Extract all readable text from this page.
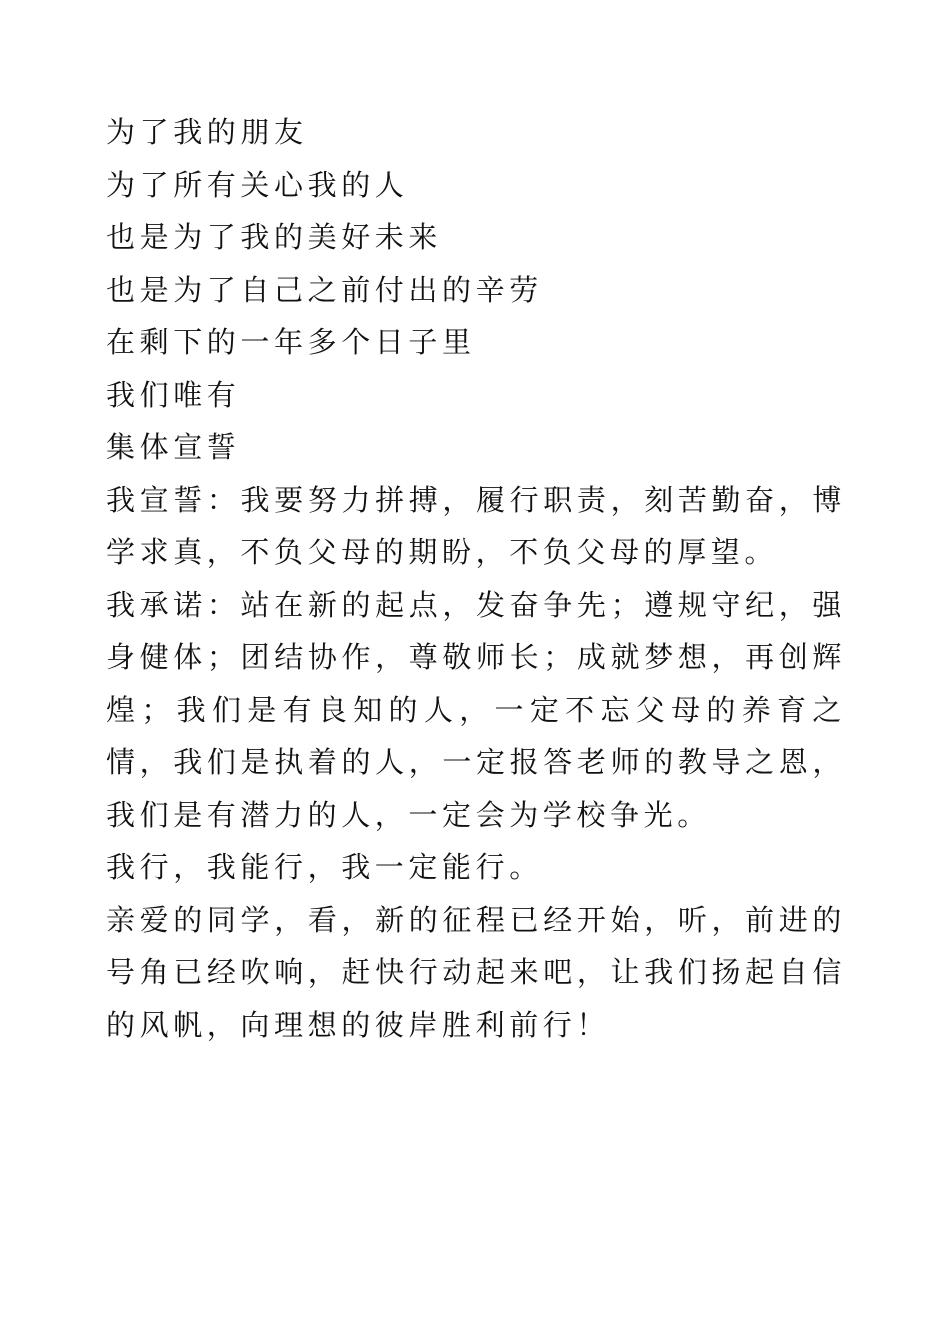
为了我的朋友

为了所有关心我的人

也是为了我的美好未来

也是为了自己之前付出的辛劳

在剩下的一年多个日子里

我们唯有

集体宣誓

我宣誓：我要努力拼搏，履行职责，刻苦勤奋，博学求真，不负父母的期盼，不负父母的厚望。

我承诺：站在新的起点，发奋争先；遵规守纪，强身健体；团结协作，尊敬师长；成就梦想，再创辉煌；我们是有良知的人，一定不忘父母的养育之情，我们是执着的人，一定报答老师的教导之恩，我们是有潜力的人，一定会为学校争光。

我行，我能行，我一定能行。

亲爱的同学，看，新的征程已经开始，听，前进的号角已经吹响，赶快行动起来吧，让我们扬起自信的风帆，向理想的彼岸胜利前行！
